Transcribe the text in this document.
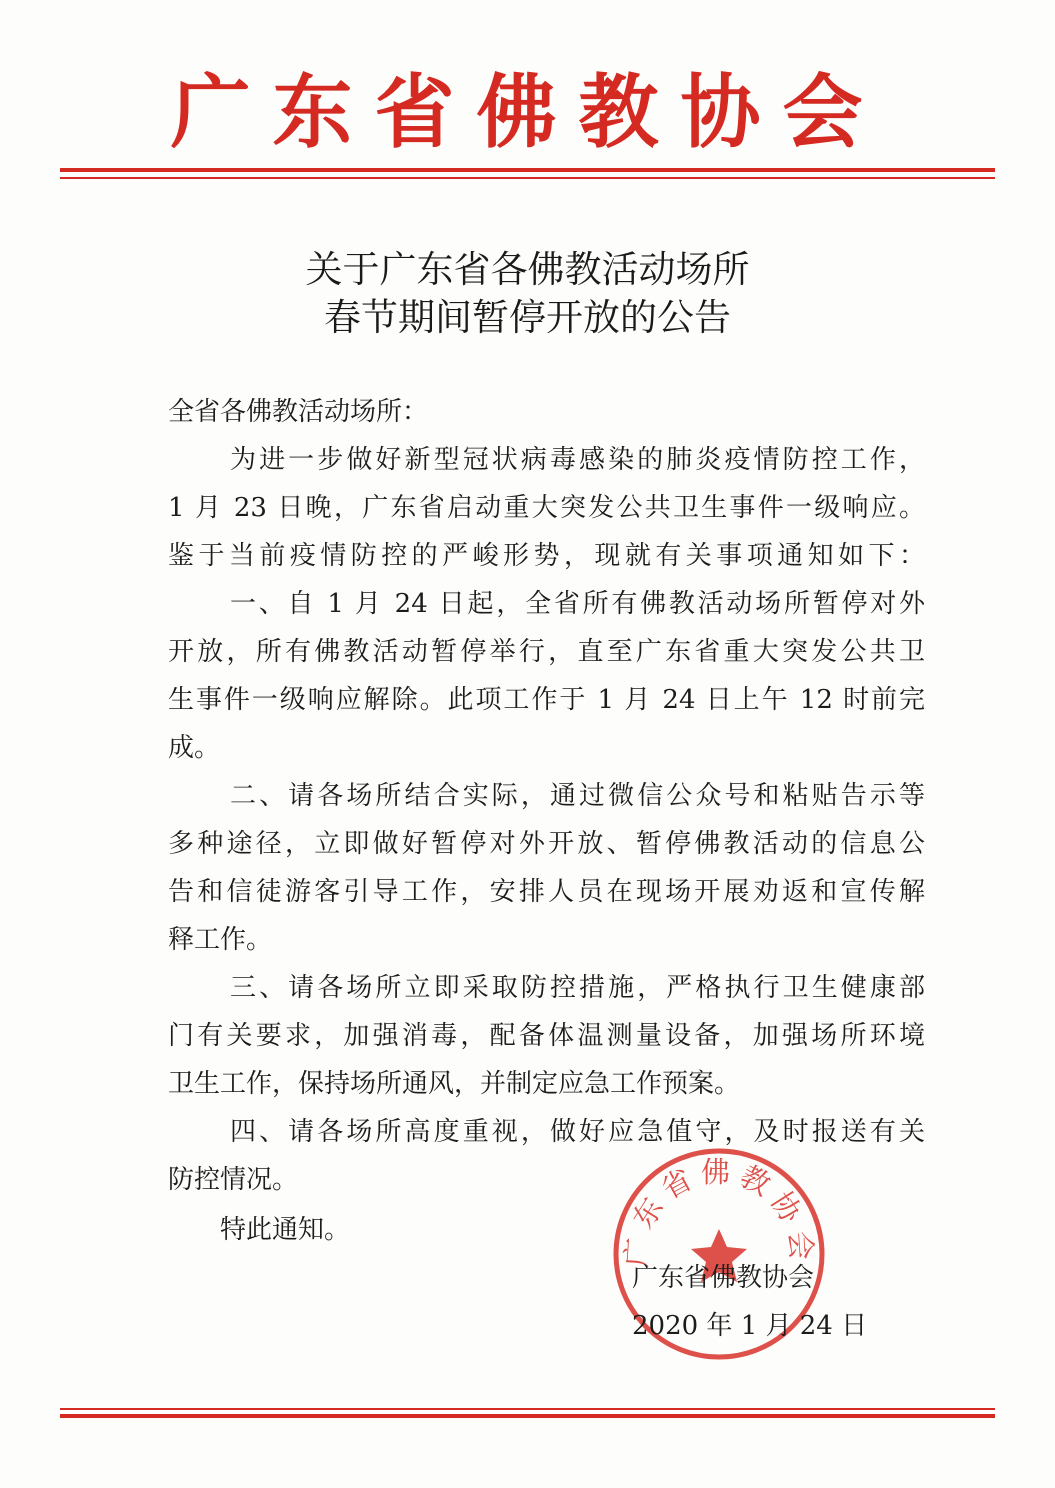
广东省佛教协会
关于广东省各佛教活动场所
春节期间暂停开放的公告
全省各佛教活动场所：
为进一步做好新型冠状病毒感染的肺炎疫情防控工作，
1 月 23 日晚，广东省启动重大突发公共卫生事件一级响应。
鉴于当前疫情防控的严峻形势，现就有关事项通知如下：
一、自 1 月 24 日起，全省所有佛教活动场所暂停对外
开放，所有佛教活动暂停举行，直至广东省重大突发公共卫
生事件一级响应解除。此项工作于 1 月 24 日上午 12 时前完
成。
二、请各场所结合实际，通过微信公众号和粘贴告示等
多种途径，立即做好暂停对外开放、暂停佛教活动的信息公
告和信徒游客引导工作，安排人员在现场开展劝返和宣传解
释工作。
三、请各场所立即采取防控措施，严格执行卫生健康部
门有关要求，加强消毒，配备体温测量设备，加强场所环境
卫生工作，保持场所通风，并制定应急工作预案。
四、请各场所高度重视，做好应急值守，及时报送有关
防控情况。
特此通知。	广东省佛教协会
广东省佛教协会
2020 年 1 月 24 日
